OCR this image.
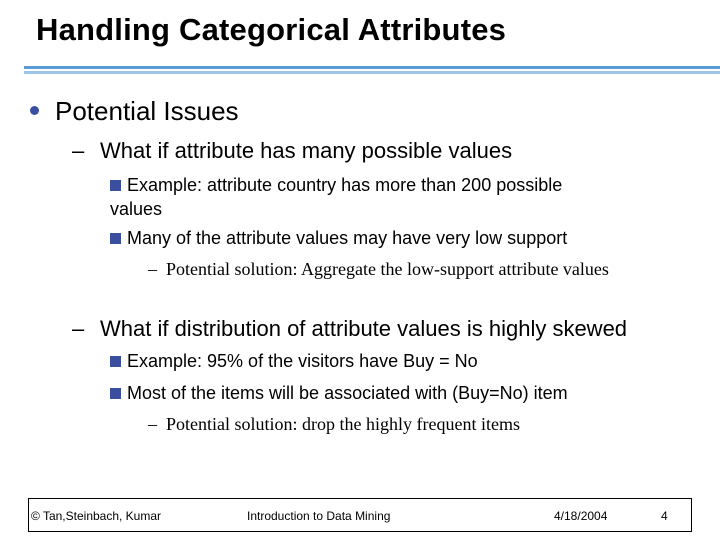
Handling Categorical Attributes
Potential Issues
– What if attribute has many possible values
Example: attribute country has more than 200 possible
values
Many of the attribute values may have very low support
– Potential solution: Aggregate the low-support attribute values
– What if distribution of attribute values is highly skewed
Example: 95% of the visitors have Buy = No
Most of the items will be associated with (Buy=No) item
– Potential solution: drop the highly frequent items
© Tan,Steinbach, Kumar	Introduction to Data Mining	4/18/2004	4
